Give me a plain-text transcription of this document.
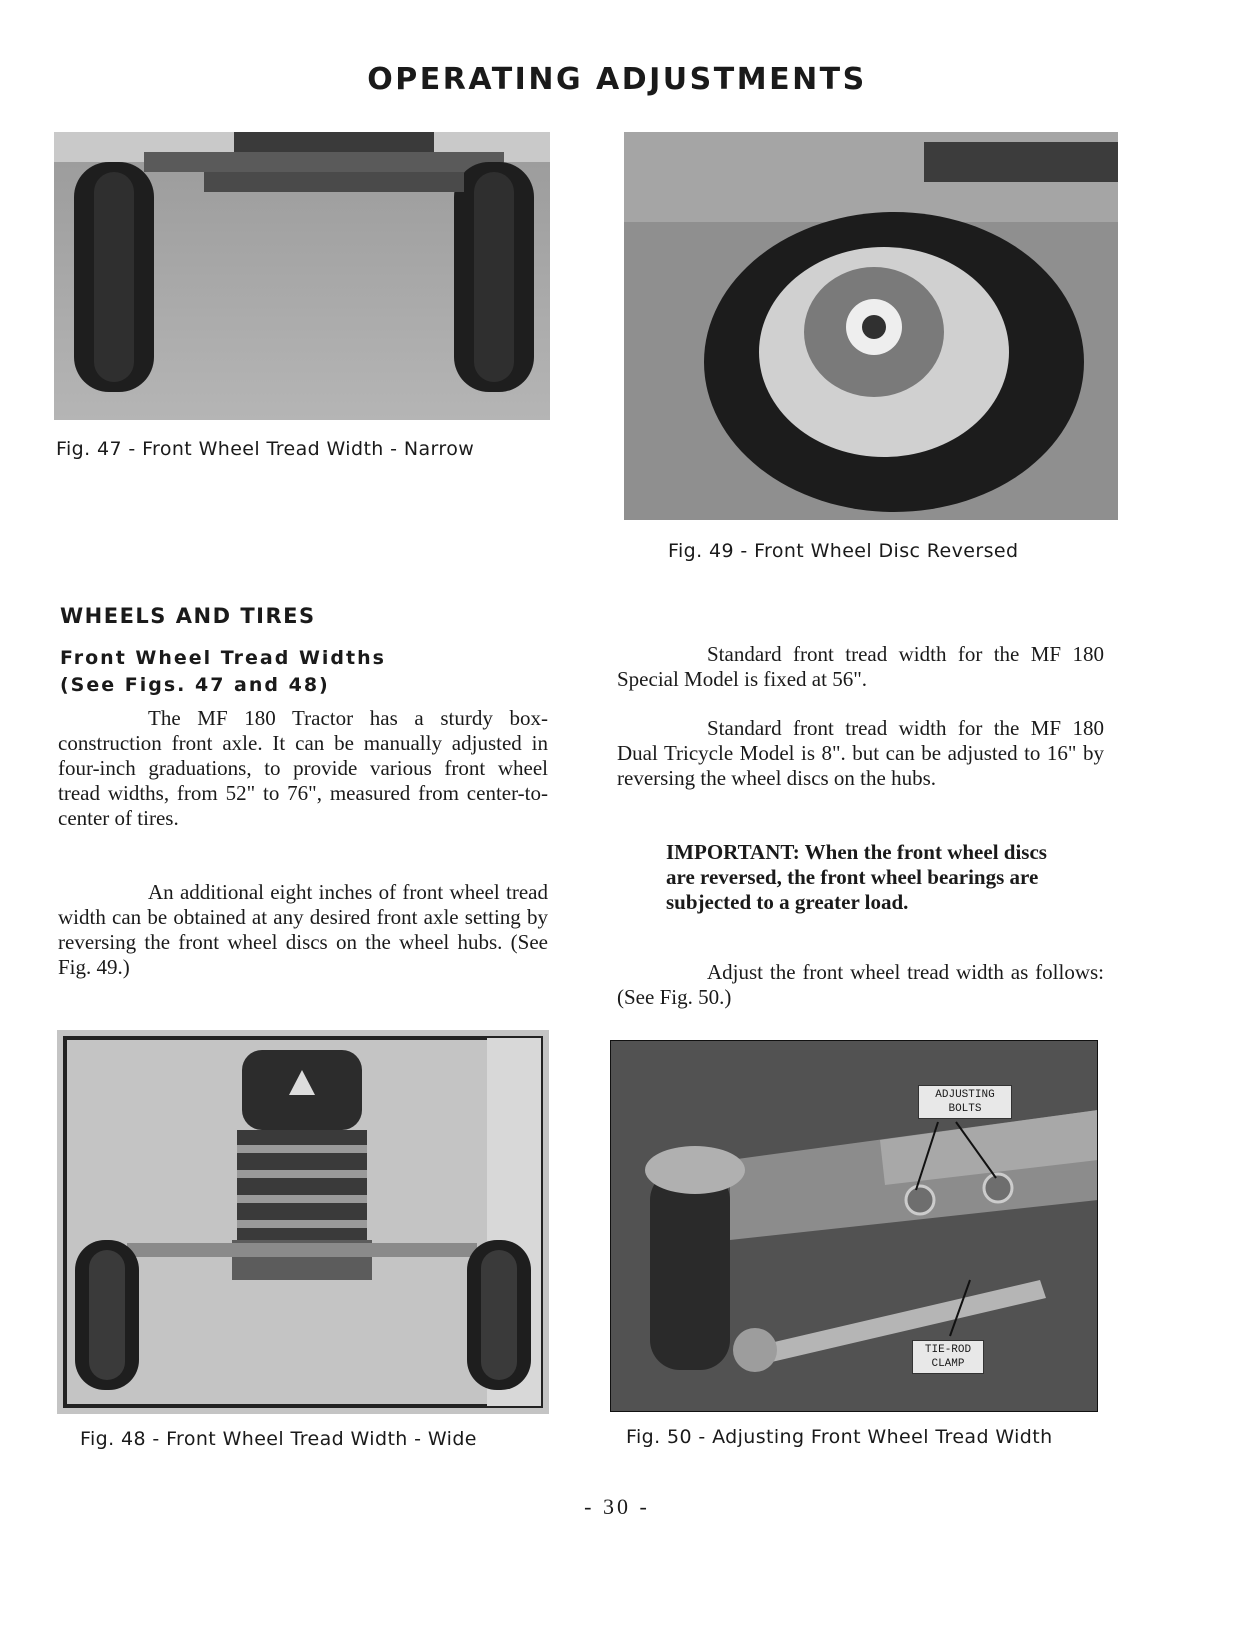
OPERATING ADJUSTMENTS
Fig. 47 - Front Wheel Tread Width - Narrow
Fig. 49 - Front Wheel Disc Reversed
WHEELS AND TIRES
Front Wheel Tread Widths
(See Figs. 47 and 48)

The MF 180 Tractor has a sturdy box-construction front axle. It can be manually adjusted in four-inch graduations, to provide various front wheel tread widths, from 52" to 76", measured from center-to-center of tires.

An additional eight inches of front wheel tread width can be obtained at any desired front axle setting by reversing the front wheel discs on the wheel hubs. (See Fig. 49.)

Standard front tread width for the MF 180 Special Model is fixed at 56".

Standard front tread width for the MF 180 Dual Tricycle Model is 8". but can be adjusted to 16" by reversing the wheel discs on the hubs.

IMPORTANT: When the front wheel discs are reversed, the front wheel bearings are subjected to a greater load.

Adjust the front wheel tread width as follows: (See Fig. 50.)

Fig. 48 - Front Wheel Tread Width - Wide
ADJUSTING
BOLTS
TIE-ROD
CLAMP
Fig. 50 - Adjusting Front Wheel Tread Width
- 30 -
